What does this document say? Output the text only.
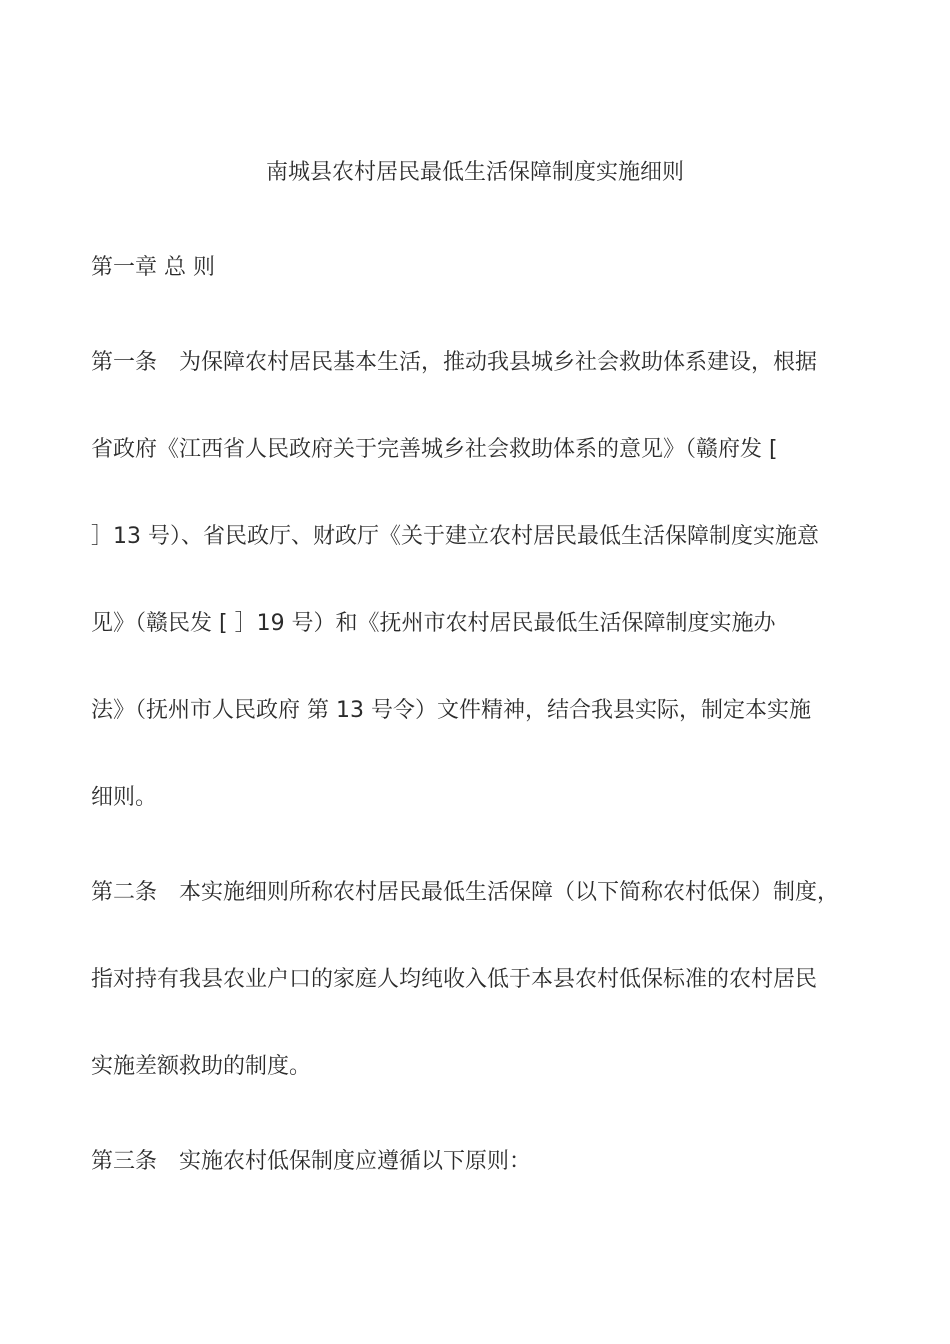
南城县农村居民最低生活保障制度实施细则
第一章 总 则
第一条　为保障农村居民基本生活，推动我县城乡社会救助体系建设，根据
省政府《江西省人民政府关于完善城乡社会救助体系的意见》（赣府发 [
］13 号）、省民政厅、财政厅《关于建立农村居民最低生活保障制度实施意
见》（赣民发 [ ］19 号）和《抚州市农村居民最低生活保障制度实施办
法》（抚州市人民政府 第 13 号令）文件精神，结合我县实际，制定本实施
细则。
第二条　本实施细则所称农村居民最低生活保障（以下简称农村低保）制度，
指对持有我县农业户口的家庭人均纯收入低于本县农村低保标准的农村居民
实施差额救助的制度。
第三条　实施农村低保制度应遵循以下原则：
